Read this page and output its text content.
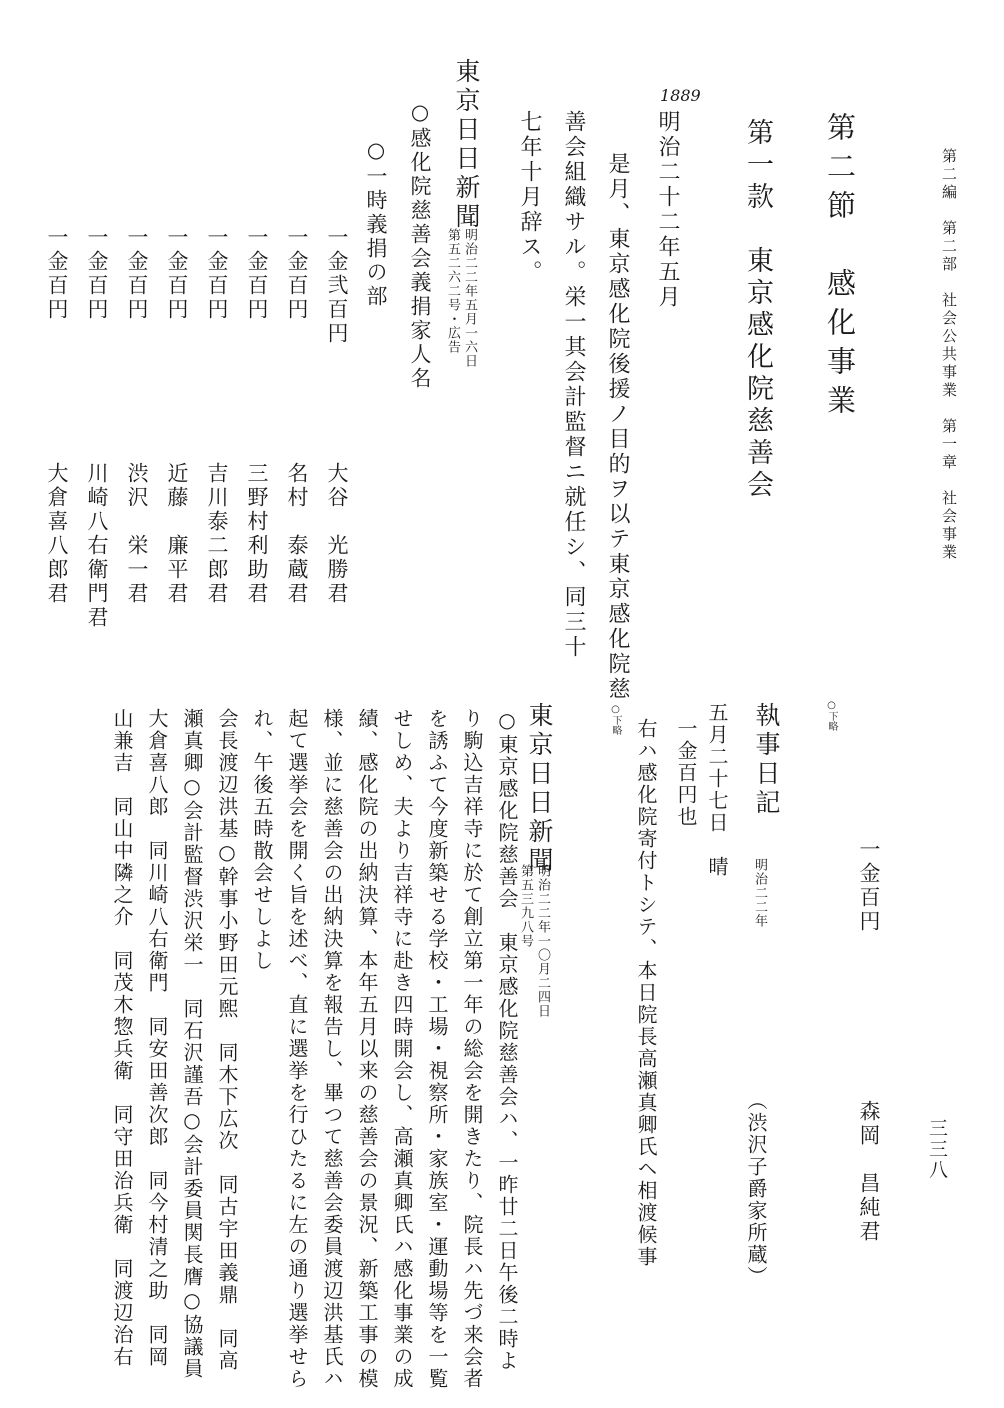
第二編　第二部　社会公共事業　第一章　社会事業
三三八
第二節　感化事業
第一款　東京感化院慈善会
1889
明治二十二年五月
是月、東京感化院後援ノ目的ヲ以テ東京感化院慈
善会組織サル。栄一其会計監督ニ就任シ、同三十
七年十月辞ス。
東京日日新聞
第五二六二号・広告 明治二二年五月一六日
○感化院慈善会義捐家人名
○一時義捐の部
一金弐百円
一金百円
一金百円
一金百円
一金百円
一金百円
一金百円
一金百円
大谷　光勝君
名村　泰蔵君
三野村利助君
吉川泰二郎君
近藤　廉平君
渋沢　栄一君
川崎八右衛門君
大倉喜八郎君
○下略
一金百円
森岡　昌純君
執事日記
明治二二年
（渋沢子爵家所蔵）
五月二十七日　晴
一金百円也
右ハ感化院寄付トシテ、本日院長高瀬真卿氏ヘ相渡候事
○下略
東京日日新聞
第五三九八号 明治二二年一〇月二四日
○東京感化院慈善会　東京感化院慈善会ハ、一昨廿二日午後二時よ
り駒込吉祥寺に於て創立第一年の総会を開きたり、院長ハ先づ来会者
を誘ふて今度新築せる学校・工場・視察所・家族室・運動場等を一覧
せしめ、夫より吉祥寺に赴き四時開会し、高瀬真卿氏ハ感化事業の成
績、感化院の出納決算、本年五月以来の慈善会の景況、新築工事の模
様、並に慈善会の出納決算を報告し、畢つて慈善会委員渡辺洪基氏ハ
起て選挙会を開く旨を述べ、直に選挙を行ひたるに左の通り選挙せら
れ、午後五時散会せしよし
会長渡辺洪基○幹事小野田元煕　同木下広次　同古宇田義鼎　同高
瀬真卿○会計監督渋沢栄一　同石沢謹吾○会計委員関長膺○協議員
大倉喜八郎　同川崎八右衛門　同安田善次郎　同今村清之助　同岡
山兼吉　同山中隣之介　同茂木惣兵衛　同守田治兵衛　同渡辺治右
